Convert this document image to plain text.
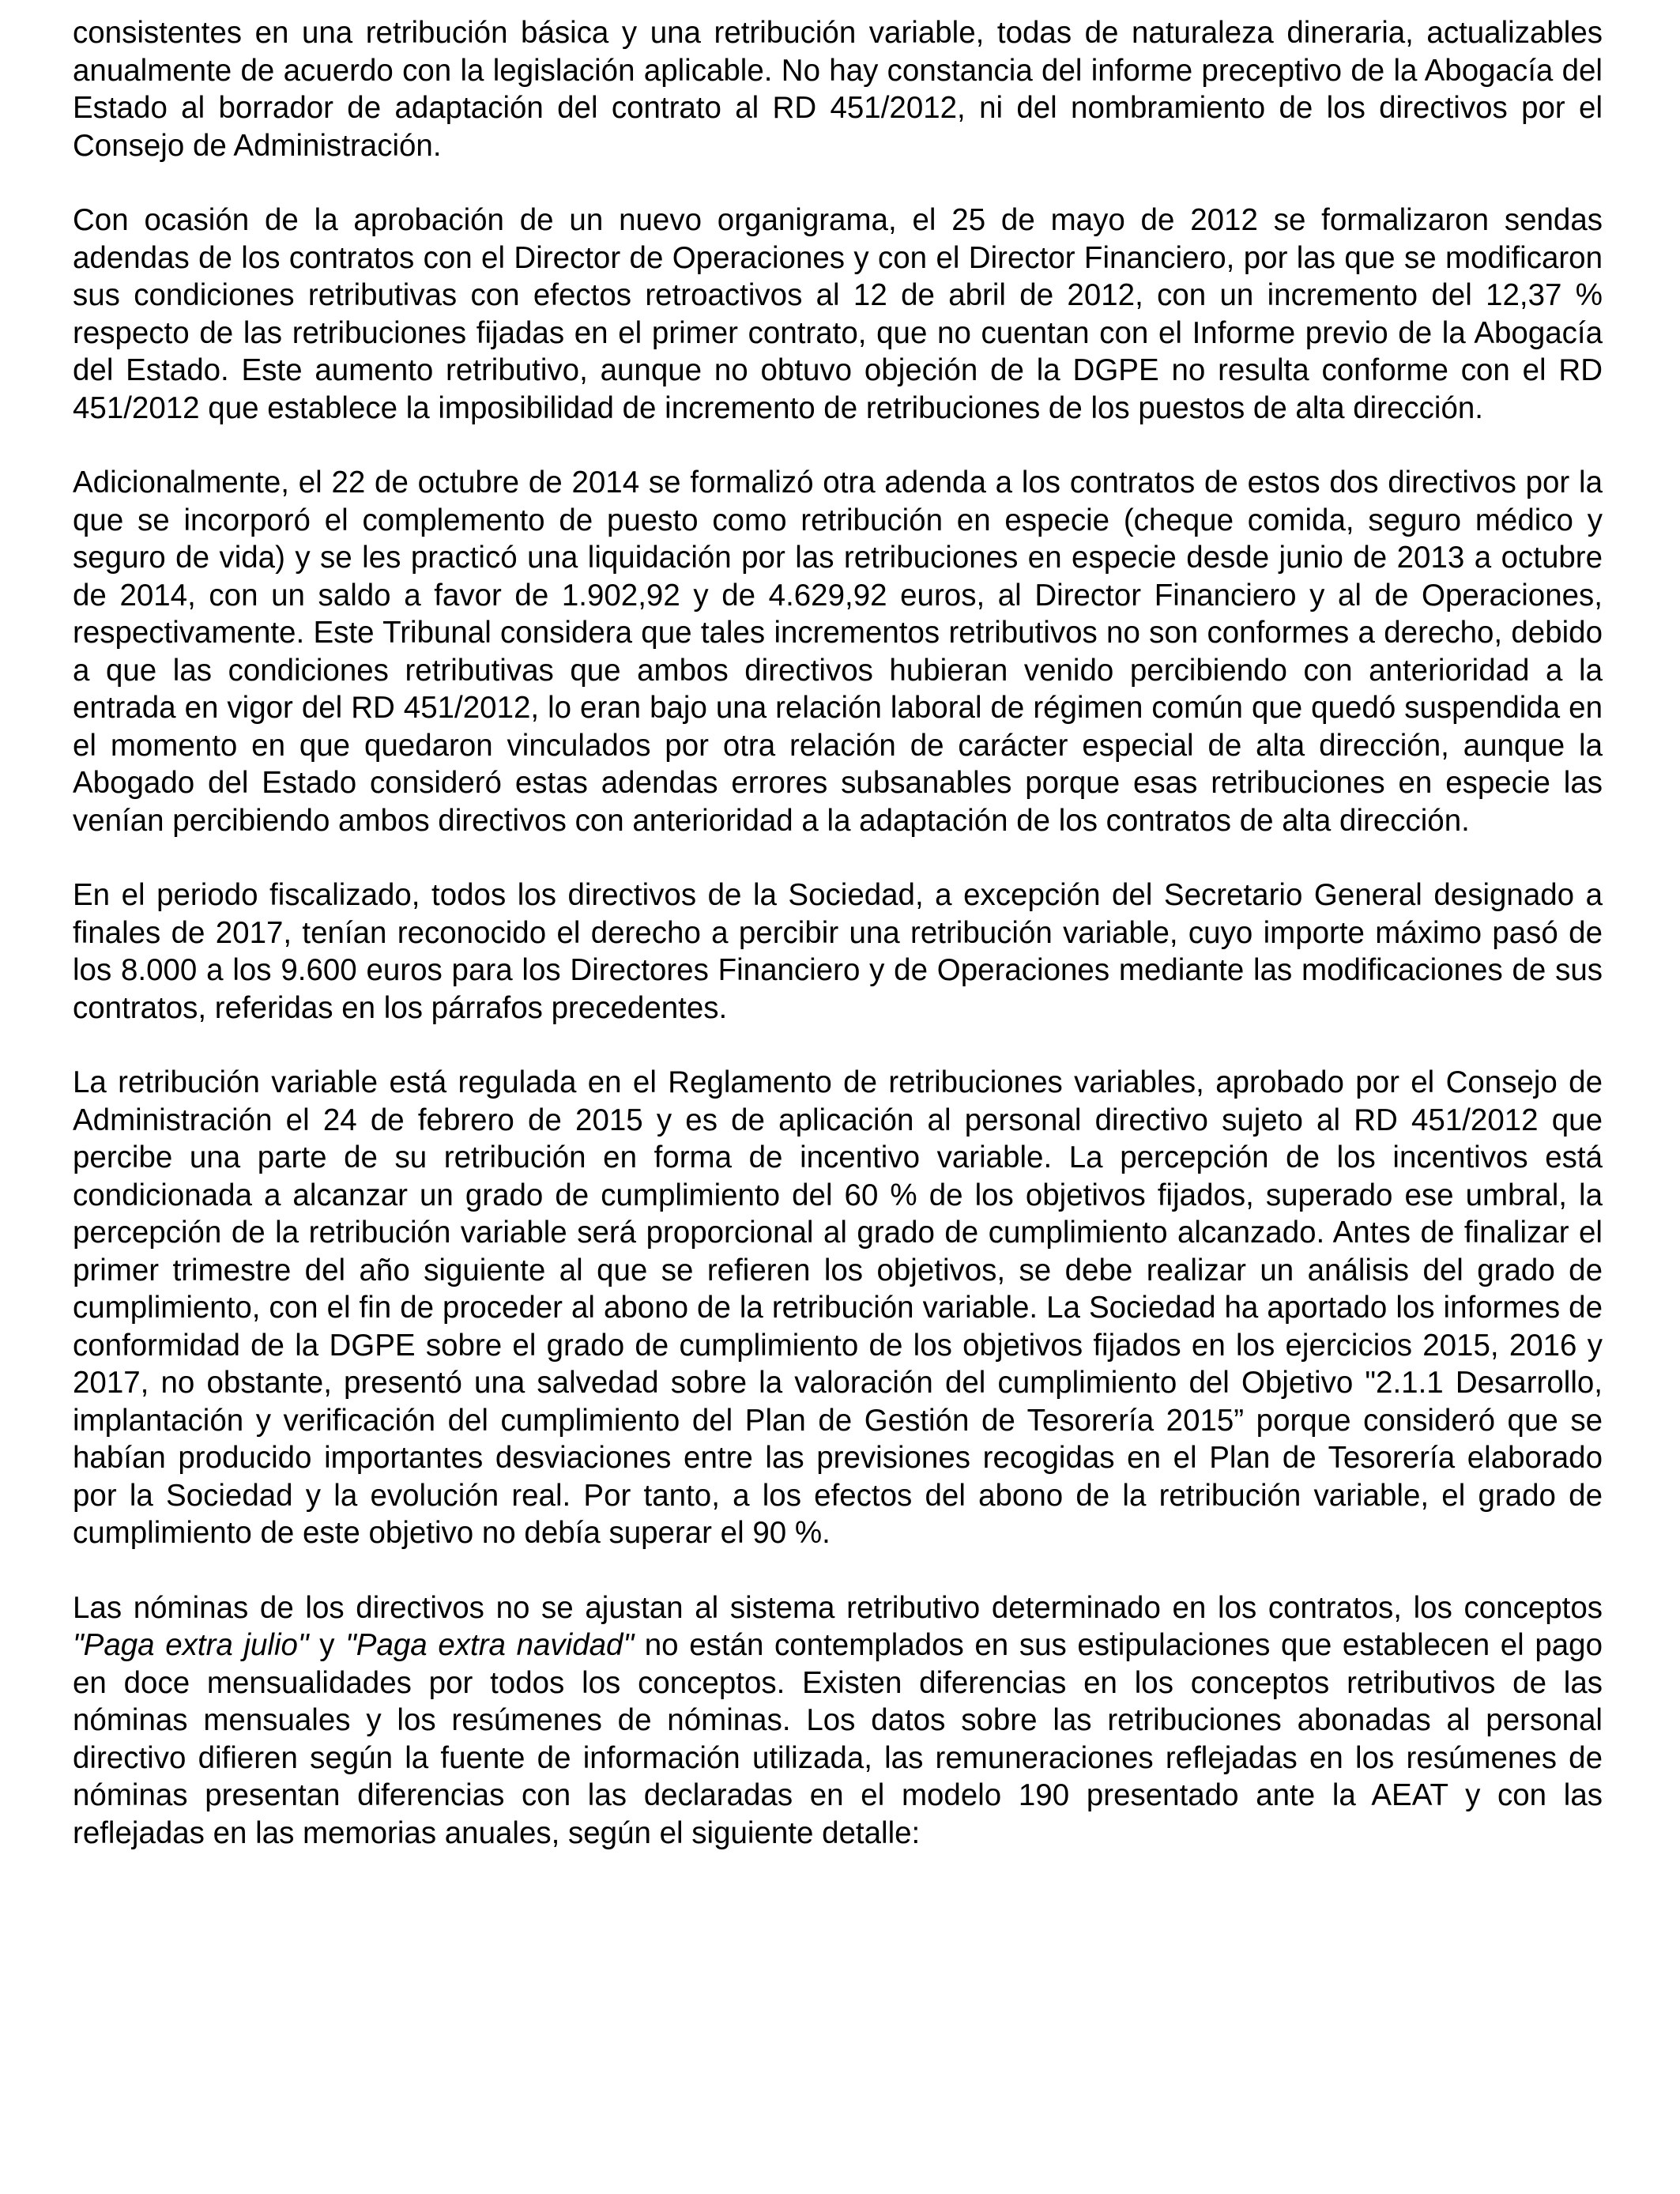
consistentes en una retribución básica y una retribución variable, todas de naturaleza dineraria, actualizables anualmente de acuerdo con la legislación aplicable. No hay constancia del informe preceptivo de la Abogacía del Estado al borrador de adaptación del contrato al RD 451/2012, ni del nombramiento de los directivos por el Consejo de Administración.

Con ocasión de la aprobación de un nuevo organigrama, el 25 de mayo de 2012 se formalizaron sendas adendas de los contratos con el Director de Operaciones y con el Director Financiero, por las que se modificaron sus condiciones retributivas con efectos retroactivos al 12 de abril de 2012, con un incremento del 12,37 % respecto de las retribuciones fijadas en el primer contrato, que no cuentan con el Informe previo de la Abogacía del Estado. Este aumento retributivo, aunque no obtuvo objeción de la DGPE no resulta conforme con el RD 451/2012 que establece la imposibilidad de incremento de retribuciones de los puestos de alta dirección.

Adicionalmente, el 22 de octubre de 2014 se formalizó otra adenda a los contratos de estos dos directivos por la que se incorporó el complemento de puesto como retribución en especie (cheque comida, seguro médico y seguro de vida) y se les practicó una liquidación por las retribuciones en especie desde junio de 2013 a octubre de 2014, con un saldo a favor de 1.902,92 y de 4.629,92 euros, al Director Financiero y al de Operaciones, respectivamente. Este Tribunal considera que tales incrementos retributivos no son conformes a derecho, debido a que las condiciones retributivas que ambos directivos hubieran venido percibiendo con anterioridad a la entrada en vigor del RD 451/2012, lo eran bajo una relación laboral de régimen común que quedó suspendida en el momento en que quedaron vinculados por otra relación de carácter especial de alta dirección, aunque la Abogado del Estado consideró estas adendas errores subsanables porque esas retribuciones en especie las venían percibiendo ambos directivos con anterioridad a la adaptación de los contratos de alta dirección.

En el periodo fiscalizado, todos los directivos de la Sociedad, a excepción del Secretario General designado a finales de 2017, tenían reconocido el derecho a percibir una retribución variable, cuyo importe máximo pasó de los 8.000 a los 9.600 euros para los Directores Financiero y de Operaciones mediante las modificaciones de sus contratos, referidas en los párrafos precedentes.

La retribución variable está regulada en el Reglamento de retribuciones variables, aprobado por el Consejo de Administración el 24 de febrero de 2015 y es de aplicación al personal directivo sujeto al RD 451/2012 que percibe una parte de su retribución en forma de incentivo variable. La percepción de los incentivos está condicionada a alcanzar un grado de cumplimiento del 60 % de los objetivos fijados, superado ese umbral, la percepción de la retribución variable será proporcional al grado de cumplimiento alcanzado. Antes de finalizar el primer trimestre del año siguiente al que se refieren los objetivos, se debe realizar un análisis del grado de cumplimiento, con el fin de proceder al abono de la retribución variable. La Sociedad ha aportado los informes de conformidad de la DGPE sobre el grado de cumplimiento de los objetivos fijados en los ejercicios 2015, 2016 y 2017, no obstante, presentó una salvedad sobre la valoración del cumplimiento del Objetivo "2.1.1 Desarrollo, implantación y verificación del cumplimiento del Plan de Gestión de Tesorería 2015” porque consideró que se habían producido importantes desviaciones entre las previsiones recogidas en el Plan de Tesorería elaborado por la Sociedad y la evolución real. Por tanto, a los efectos del abono de la retribución variable, el grado de cumplimiento de este objetivo no debía superar el 90 %.

Las nóminas de los directivos no se ajustan al sistema retributivo determinado en los contratos, los conceptos "Paga extra julio" y "Paga extra navidad" no están contemplados en sus estipulaciones que establecen el pago en doce mensualidades por todos los conceptos. Existen diferencias en los conceptos retributivos de las nóminas mensuales y los resúmenes de nóminas. Los datos sobre las retribuciones abonadas al personal directivo difieren según la fuente de información utilizada, las remuneraciones reflejadas en los resúmenes de nóminas presentan diferencias con las declaradas en el modelo 190 presentado ante la AEAT y con las reflejadas en las memorias anuales, según el siguiente detalle:
